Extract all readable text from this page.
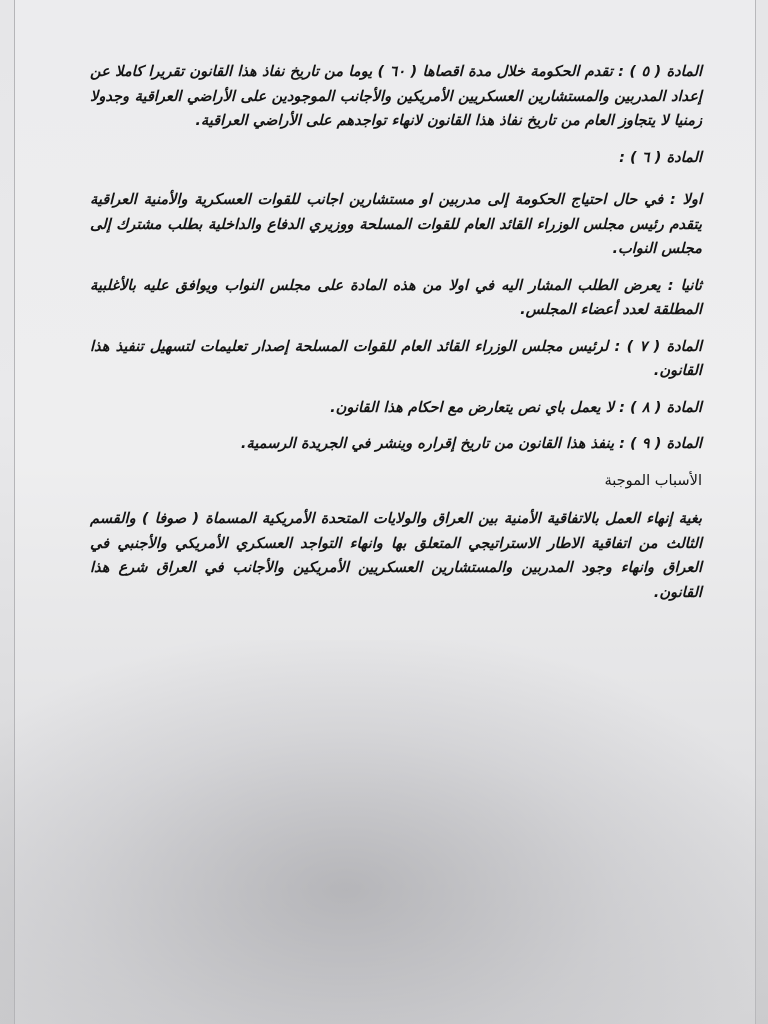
المادة ( ٥ ) : تقدم الحكومة خلال مدة اقصاها ( ٦٠ ) يوما من تاريخ نفاذ هذا القانون تقريرا كاملا عن إعداد المدربين والمستشارين العسكريين الأمريكين والأجانب الموجودين على الأراضي العراقية وجدولا زمنيا لا يتجاوز العام من تاريخ نفاذ هذا القانون لانهاء تواجدهم على الأراضي العراقية.

المادة ( ٦ ) :

اولا : في حال احتياج الحكومة إلى مدربين او مستشارين اجانب للقوات العسكرية والأمنية العراقية يتقدم رئيس مجلس الوزراء القائد العام للقوات المسلحة ووزيري الدفاع والداخلية بطلب مشترك إلى مجلس النواب.

ثانيا : يعرض الطلب المشار اليه في اولا من هذه المادة على مجلس النواب ويوافق عليه بالأغلبية المطلقة لعدد أعضاء المجلس.

المادة ( ٧ ) : لرئيس مجلس الوزراء القائد العام للقوات المسلحة إصدار تعليمات لتسهيل تنفيذ هذا القانون.

المادة ( ٨ ) : لا يعمل باي نص يتعارض مع احكام هذا القانون.

المادة ( ٩ ) : ينفذ هذا القانون من تاريخ إقراره وينشر في الجريدة الرسمية.

الأسباب الموجبة

بغية إنهاء العمل بالاتفاقية الأمنية بين العراق والولايات المتحدة الأمريكية المسماة ( صوفا ) والقسم الثالث من اتفاقية الاطار الاستراتيجي المتعلق بها وانهاء التواجد العسكري الأمريكي والأجنبي في العراق وانهاء وجود المدربين والمستشارين العسكريين الأمريكين والأجانب في العراق شرع هذا القانون.
